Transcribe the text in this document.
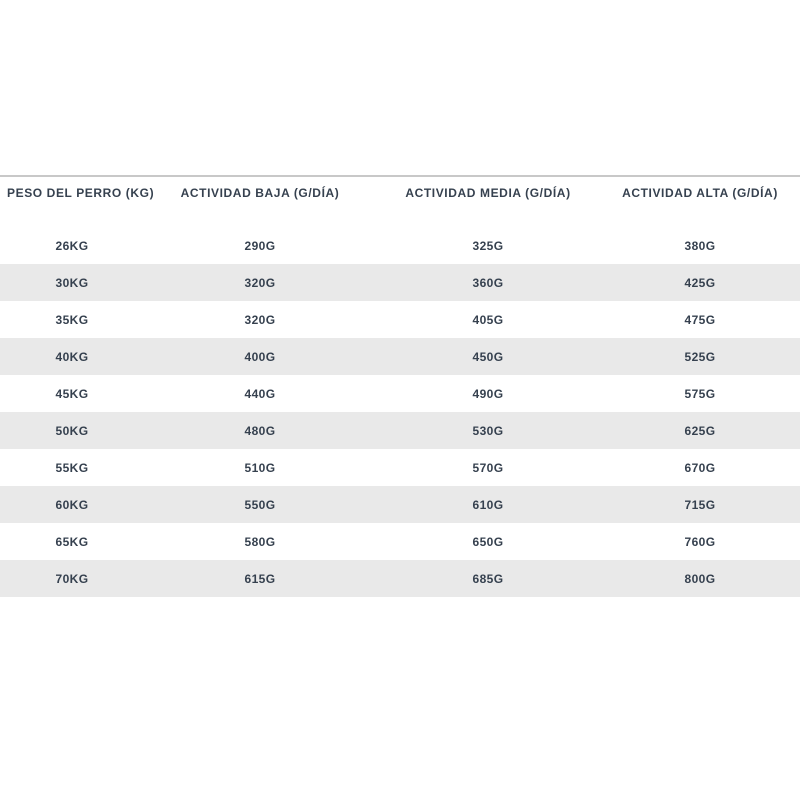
PESO DEL PERRO (KG)	ACTIVIDAD BAJA (G/DÍA)	ACTIVIDAD MEDIA (G/DÍA)	ACTIVIDAD ALTA (G/DÍA)
26KG	290G	325G	380G
30KG	320G	360G	425G
35KG	320G	405G	475G
40KG	400G	450G	525G
45KG	440G	490G	575G
50KG	480G	530G	625G
55KG	510G	570G	670G
60KG	550G	610G	715G
65KG	580G	650G	760G
70KG	615G	685G	800G
